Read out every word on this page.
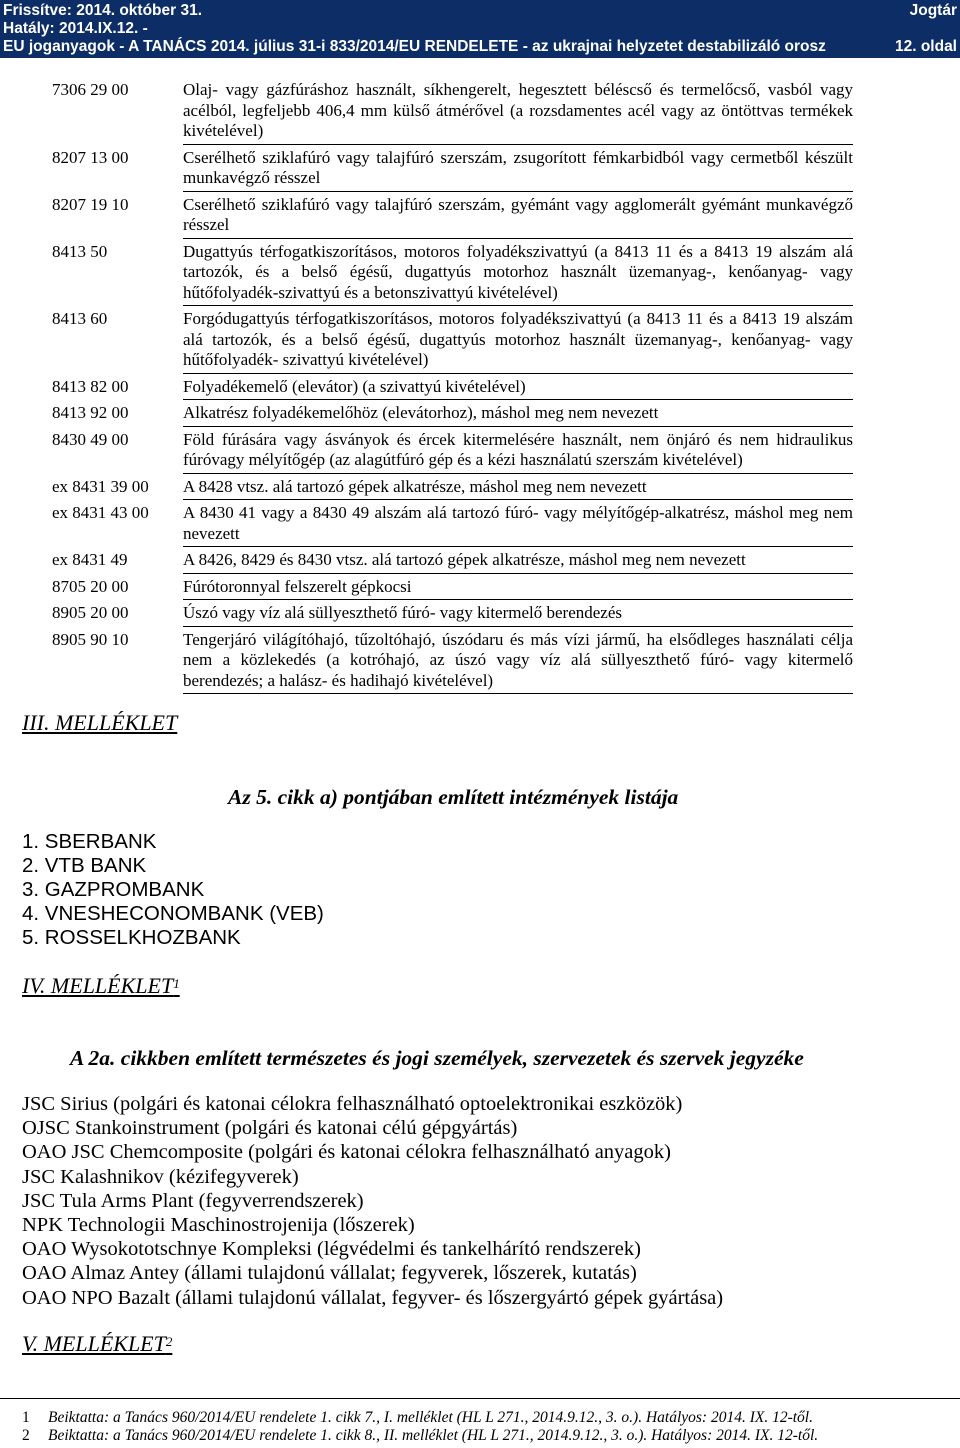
Frissítve: 2014. október 31.
Hatály: 2014.IX.12. -
EU joganyagok - A TANÁCS 2014. július 31-i 833/2014/EU RENDELETE - az ukrajnai helyzetet destabilizáló orosz
Jogtár
12. oldal
7306 29 00	Olaj- vagy gázfúráshoz használt, síkhengerelt, hegesztett béléscső és termelőcső, vasból vagy acélból, legfeljebb 406,4 mm külső átmérővel (a rozsdamentes acél vagy az öntöttvas termékek kivételével)
8207 13 00	Cserélhető sziklafúró vagy talajfúró szerszám, zsugorított fémkarbidból vagy cermetből készült munkavégző résszel
8207 19 10	Cserélhető sziklafúró vagy talajfúró szerszám, gyémánt vagy agglomerált gyémánt munkavégző résszel
8413 50	Dugattyús térfogatkiszorításos, motoros folyadékszivattyú (a 8413 11 és a 8413 19 alszám alá tartozók, és a belső égésű, dugattyús motorhoz használt üzemanyag-, kenőanyag- vagy hűtőfolyadék-szivattyú és a betonszivattyú kivételével)
8413 60	Forgódugattyús térfogatkiszorításos, motoros folyadékszivattyú (a 8413 11 és a 8413 19 alszám alá tartozók, és a belső égésű, dugattyús motorhoz használt üzemanyag-, kenőanyag- vagy hűtőfolyadék- szivattyú kivételével)
8413 82 00	Folyadékemelő (elevátor) (a szivattyú kivételével)
8413 92 00	Alkatrész folyadékemelőhöz (elevátorhoz), máshol meg nem nevezett
8430 49 00	Föld fúrására vagy ásványok és ércek kitermelésére használt, nem önjáró és nem hidraulikus fúróvagy mélyítőgép (az alagútfúró gép és a kézi használatú szerszám kivételével)
ex 8431 39 00 A 8428 vtsz. alá tartozó gépek alkatrésze, máshol meg nem nevezett
ex 8431 43 00 A 8430 41 vagy a 8430 49 alszám alá tartozó fúró- vagy mélyítőgép-alkatrész, máshol meg nem nevezett
ex 8431 49	A 8426, 8429 és 8430 vtsz. alá tartozó gépek alkatrésze, máshol meg nem nevezett
8705 20 00	Fúrótoronnyal felszerelt gépkocsi
8905 20 00	Úszó vagy víz alá süllyeszthető fúró- vagy kitermelő berendezés
8905 90 10	Tengerjáró világítóhajó, tűzoltóhajó, úszódaru és más vízi jármű, ha elsődleges használati célja nem a közlekedés (a kotróhajó, az úszó vagy víz alá süllyeszthető fúró- vagy kitermelő berendezés; a halász- és hadihajó kivételével)
III. MELLÉKLET
Az 5. cikk a) pontjában említett intézmények listája
1. SBERBANK
2. VTB BANK
3. GAZPROMBANK
4. VNESHECONOMBANK (VEB)
5. ROSSELKHOZBANK
IV. MELLÉKLET$^1$
A 2a. cikkben említett természetes és jogi személyek, szervezetek és szervek jegyzéke
JSC Sirius (polgári és katonai célokra felhasználható optoelektronikai eszközök)
OJSC Stankoinstrument (polgári és katonai célú gépgyártás)
OAO JSC Chemcomposite (polgári és katonai célokra felhasználható anyagok)
JSC Kalashnikov (kézifegyverek)
JSC Tula Arms Plant (fegyverrendszerek)
NPK Technologii Maschinostrojenija (lőszerek)
OAO Wysokototschnye Kompleksi (légvédelmi és tankelhárító rendszerek)
OAO Almaz Antey (állami tulajdonú vállalat; fegyverek, lőszerek, kutatás)
OAO NPO Bazalt (állami tulajdonú vállalat, fegyver- és lőszergyártó gépek gyártása)
V. MELLÉKLET$^2$
1 Beiktatta: a Tanács 960/2014/EU rendelete 1. cikk 7., I. melléklet (HL L 271., 2014.9.12., 3. o.). Hatályos: 2014. IX. 12-től.
2 Beiktatta: a Tanács 960/2014/EU rendelete 1. cikk 8., II. melléklet (HL L 271., 2014.9.12., 3. o.). Hatályos: 2014. IX. 12-től.
